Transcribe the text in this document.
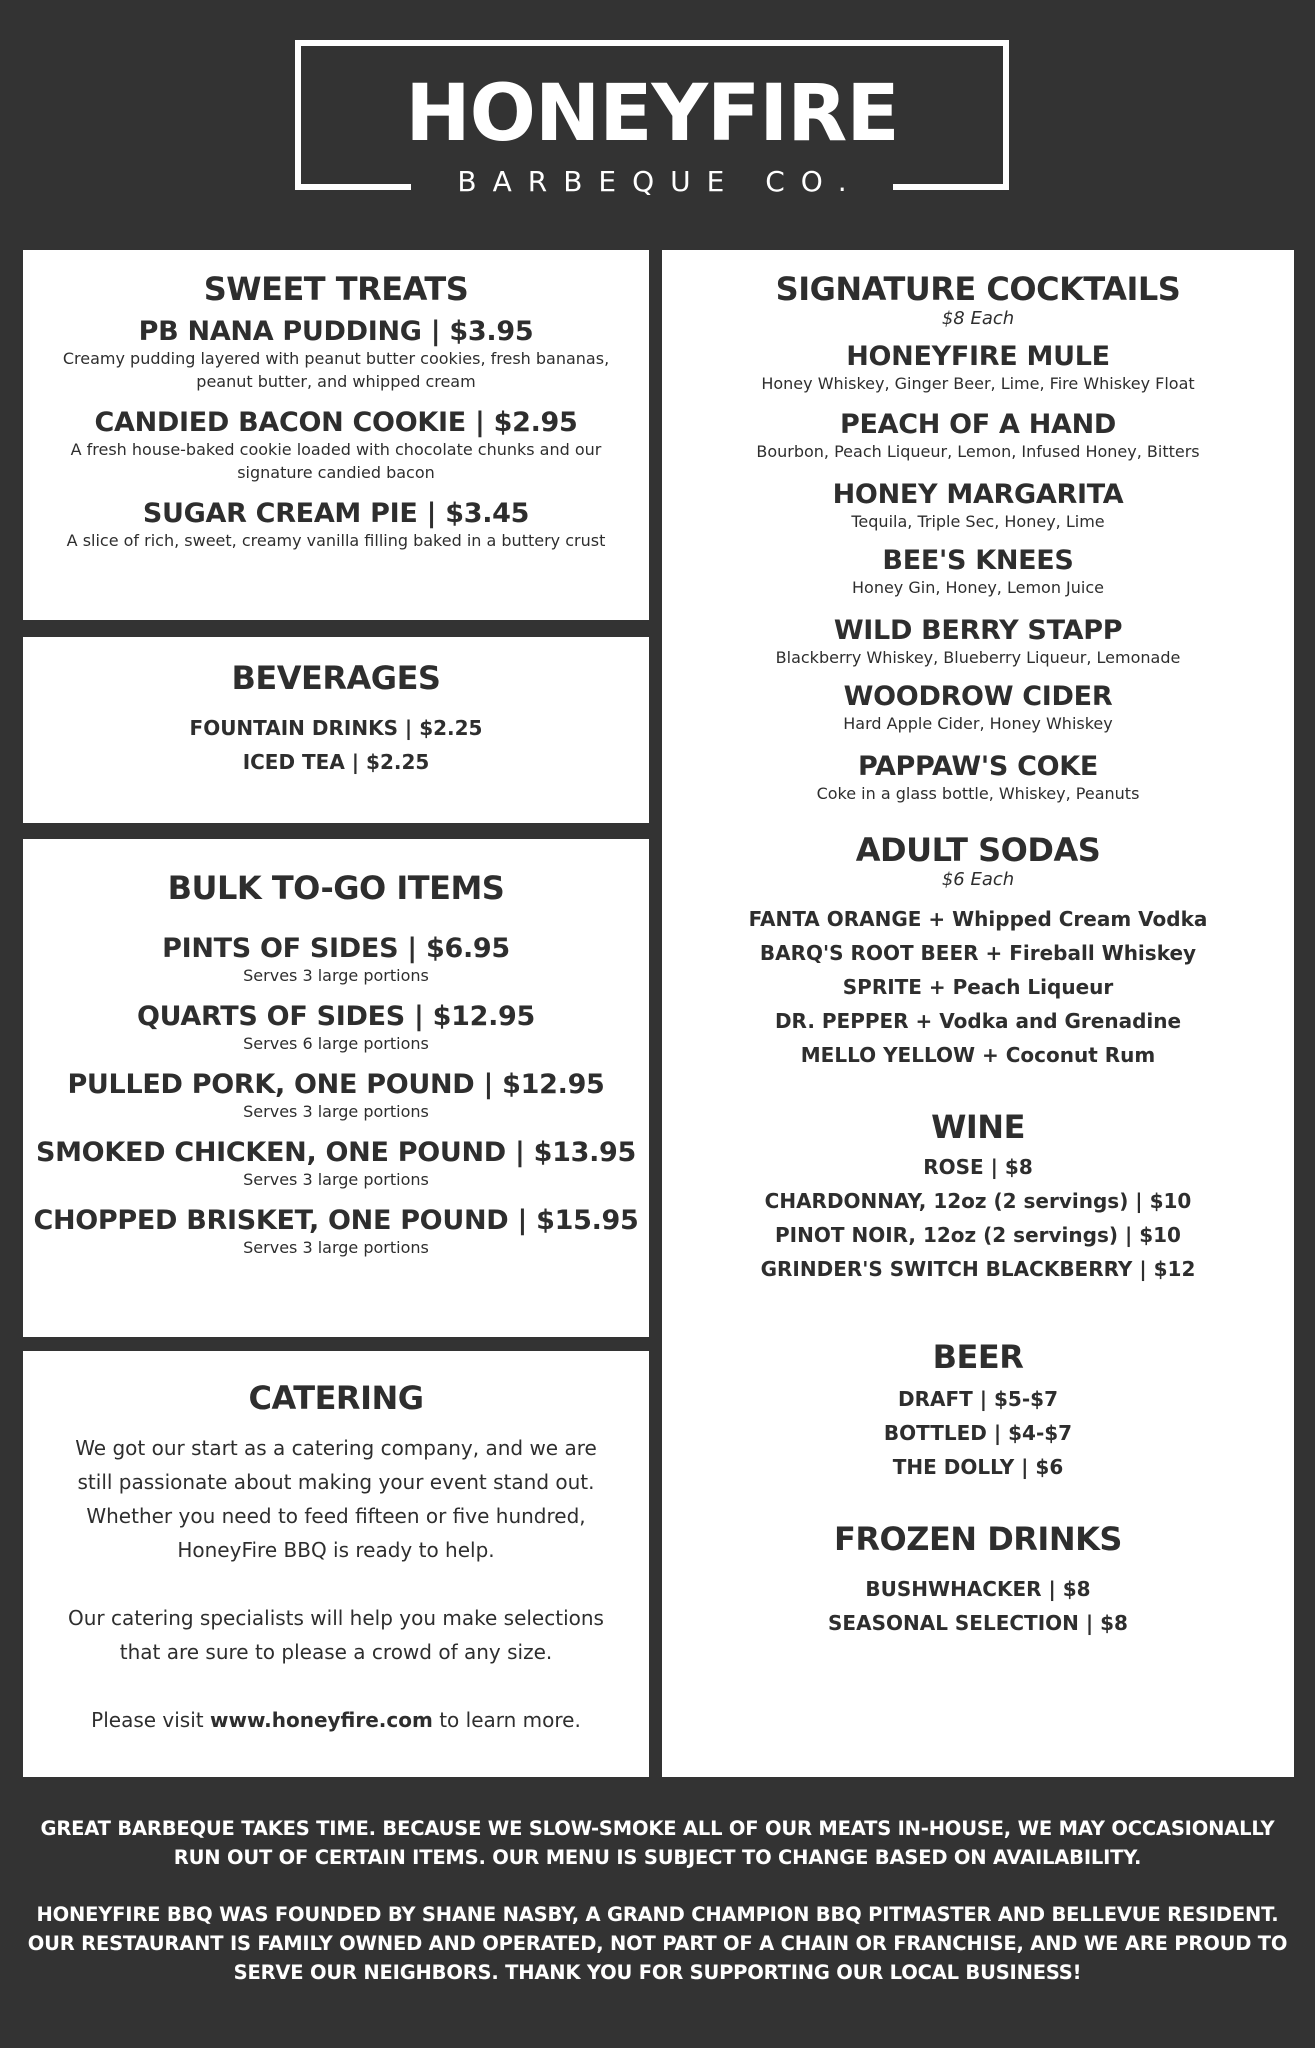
HONEYFIRE
BARBEQUE CO.
SWEET TREATS
PB NANA PUDDING | $3.95
Creamy pudding layered with peanut butter cookies, fresh bananas, peanut butter, and whipped cream
CANDIED BACON COOKIE | $2.95
A fresh house-baked cookie loaded with chocolate chunks and our signature candied bacon
SUGAR CREAM PIE | $3.45
A slice of rich, sweet, creamy vanilla filling baked in a buttery crust
BEVERAGES
FOUNTAIN DRINKS | $2.25
ICED TEA | $2.25
BULK TO-GO ITEMS
PINTS OF SIDES | $6.95
Serves 3 large portions
QUARTS OF SIDES | $12.95
Serves 6 large portions
PULLED PORK, ONE POUND | $12.95
Serves 3 large portions
SMOKED CHICKEN, ONE POUND | $13.95
Serves 3 large portions
CHOPPED BRISKET, ONE POUND | $15.95
Serves 3 large portions
CATERING
We got our start as a catering company, and we are still passionate about making your event stand out. Whether you need to feed fifteen or five hundred, HoneyFire BBQ is ready to help.
Our catering specialists will help you make selections that are sure to please a crowd of any size.
Please visit www.honeyfire.com to learn more.
SIGNATURE COCKTAILS
$8 Each
HONEYFIRE MULE
Honey Whiskey, Ginger Beer, Lime, Fire Whiskey Float
PEACH OF A HAND
Bourbon, Peach Liqueur, Lemon, Infused Honey, Bitters
HONEY MARGARITA
Tequila, Triple Sec, Honey, Lime
BEE'S KNEES
Honey Gin, Honey, Lemon Juice
WILD BERRY STAPP
Blackberry Whiskey, Blueberry Liqueur, Lemonade
WOODROW CIDER
Hard Apple Cider, Honey Whiskey
PAPPAW'S COKE
Coke in a glass bottle, Whiskey, Peanuts
ADULT SODAS
$6 Each
FANTA ORANGE + Whipped Cream Vodka
BARQ'S ROOT BEER + Fireball Whiskey
SPRITE + Peach Liqueur
DR. PEPPER + Vodka and Grenadine
MELLO YELLOW + Coconut Rum
WINE
ROSE | $8
CHARDONNAY, 12oz (2 servings) | $10
PINOT NOIR, 12oz (2 servings) | $10
GRINDER'S SWITCH BLACKBERRY | $12
BEER
DRAFT | $5-$7
BOTTLED | $4-$7
THE DOLLY | $6
FROZEN DRINKS
BUSHWHACKER | $8
SEASONAL SELECTION | $8
GREAT BARBEQUE TAKES TIME. BECAUSE WE SLOW-SMOKE ALL OF OUR MEATS IN-HOUSE, WE MAY OCCASIONALLY RUN OUT OF CERTAIN ITEMS. OUR MENU IS SUBJECT TO CHANGE BASED ON AVAILABILITY.
HONEYFIRE BBQ WAS FOUNDED BY SHANE NASBY, A GRAND CHAMPION BBQ PITMASTER AND BELLEVUE RESIDENT. OUR RESTAURANT IS FAMILY OWNED AND OPERATED, NOT PART OF A CHAIN OR FRANCHISE, AND WE ARE PROUD TO SERVE OUR NEIGHBORS. THANK YOU FOR SUPPORTING OUR LOCAL BUSINESS!
